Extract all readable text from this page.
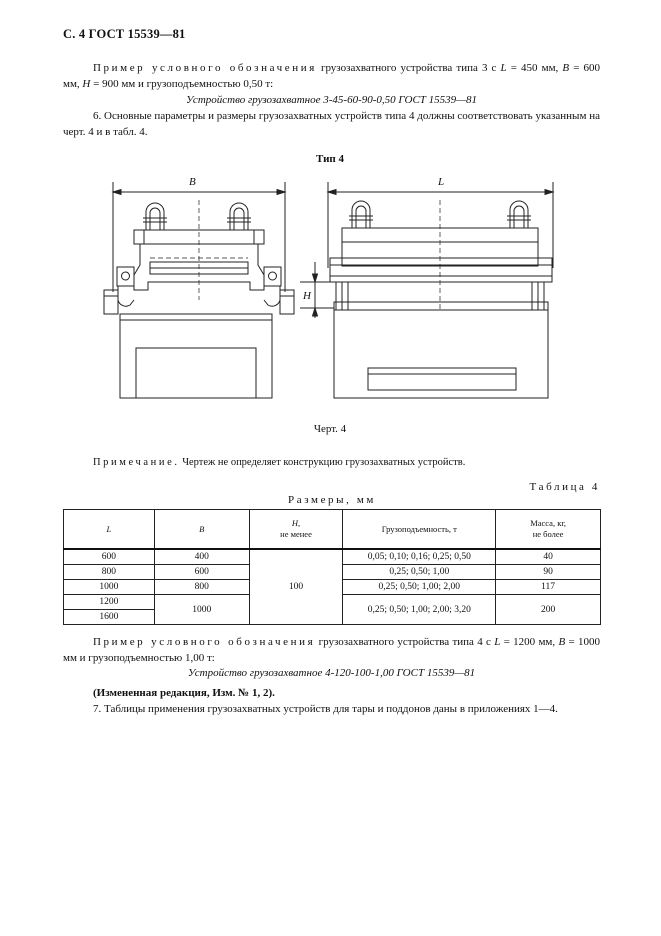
С. 4 ГОСТ 15539—81
Пример условного обозначения грузозахватного устройства типа 3 с L = 450 мм, B = 600 мм, H = 900 мм и грузоподъемностью 0,50 т:
Устройство грузозахватное 3-45-60-90-0,50 ГОСТ 15539—81
6. Основные параметры и размеры грузозахватных устройств типа 4 должны соответствовать указанным на черт. 4 и в табл. 4.
Тип 4
B	L
H
Черт. 4
Примечание. Чертеж не определяет конструкцию грузозахватных устройств.
Таблица 4
Размеры, мм
L	B	H,
не менее	Грузоподъемность, т	Масса, кг,
не более
600	400	100	0,05; 0,10; 0,16; 0,25; 0,50	40
800	600		0,25; 0,50; 1,00	90
1000	800		0,25; 0,50; 1,00; 2,00	117
1200	1000		0,25; 0,50; 1,00; 2,00; 3,20	200
1600				
Пример условного обозначения грузозахватного устройства типа 4 с L = 1200 мм, B = 1000 мм и грузоподъемностью 1,00 т:
Устройство грузозахватное 4-120-100-1,00 ГОСТ 15539—81
(Измененная редакция, Изм. № 1, 2).
7. Таблицы применения грузозахватных устройств для тары и поддонов даны в приложениях 1—4.
